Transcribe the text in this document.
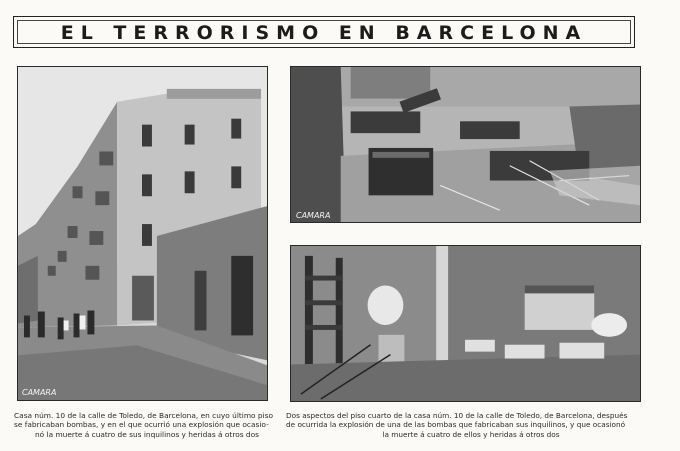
EL TERRORISMO EN BARCELONA
CAMARA
CAMARA
Casa núm. 10 de la calle de Toledo, de Barcelona, en cuyo último piso
se fabricaban bombas, y en el que ocurrió una explosión que ocasio-
nó la muerte á cuatro de sus inquilinos y heridas á otros dos
Dos aspectos del piso cuarto de la casa núm. 10 de la calle de Toledo, de Barcelona, después
de ocurrida la explosión de una de las bombas que fabricaban sus inquilinos, y que ocasionó
la muerte á cuatro de ellos y heridas á otros dos
